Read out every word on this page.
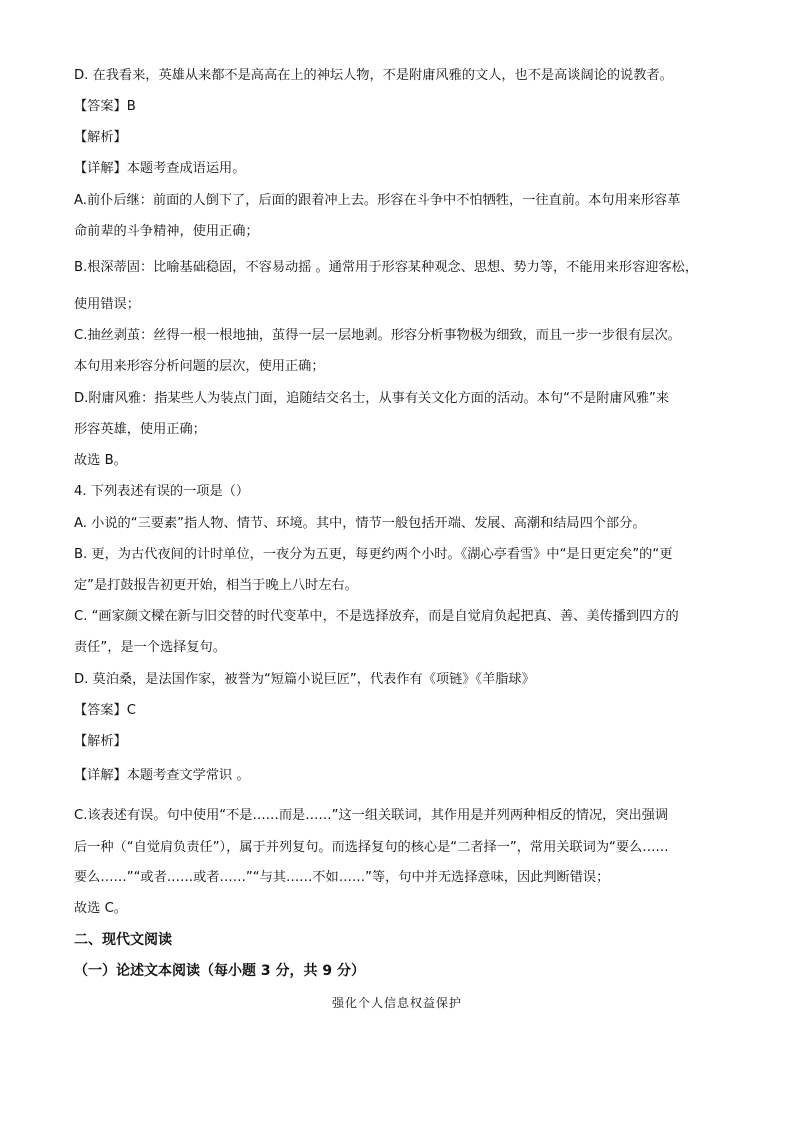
D. 在我看来，英雄从来都不是高高在上的神坛人物，不是附庸风雅的文人，也不是高谈阔论的说教者。
【答案】B
【解析】
【详解】本题考查成语运用。
A.前仆后继：前面的人倒下了，后面的跟着冲上去。形容在斗争中不怕牺牲，一往直前。本句用来形容革
命前辈的斗争精神，使用正确；
B.根深蒂固：比喻基础稳固，不容易动摇 。通常用于形容某种观念、思想、势力等，不能用来形容迎客松，
使用错误；
C.抽丝剥茧：丝得一根一根地抽，茧得一层一层地剥。形容分析事物极为细致，而且一步一步很有层次。
本句用来形容分析问题的层次，使用正确；
D.附庸风雅：指某些人为装点门面，追随结交名士，从事有关文化方面的活动。本句“不是附庸风雅”来
形容英雄，使用正确；
故选 B。
4. 下列表述有误的一项是（）
A. 小说的“三要素”指人物、情节、环境。其中，情节一般包括开端、发展、高潮和结局四个部分。
B. 更，为古代夜间的计时单位，一夜分为五更，每更约两个小时。《湖心亭看雪》中“是日更定矣”的“更
定”是打鼓报告初更开始，相当于晚上八时左右。
C. “画家颜文樑在新与旧交替的时代变革中，不是选择放弃，而是自觉肩负起把真、善、美传播到四方的
责任”，是一个选择复句。
D. 莫泊桑，是法国作家，被誉为“短篇小说巨匠”，代表作有《项链》《羊脂球》
【答案】C
【解析】
【详解】本题考查文学常识 。
C.该表述有误。句中使用“不是……而是……”这一组关联词，其作用是并列两种相反的情况，突出强调
后一种（“自觉肩负责任”），属于并列复句。而选择复句的核心是“二者择一”，常用关联词为“要么……
要么……”“或者……或者……”“与其……不如……”等，句中并无选择意味，因此判断错误；
故选 C。
二、现代文阅读
（一）论述文本阅读（每小题 3 分，共 9 分）
强化个人信息权益保护
